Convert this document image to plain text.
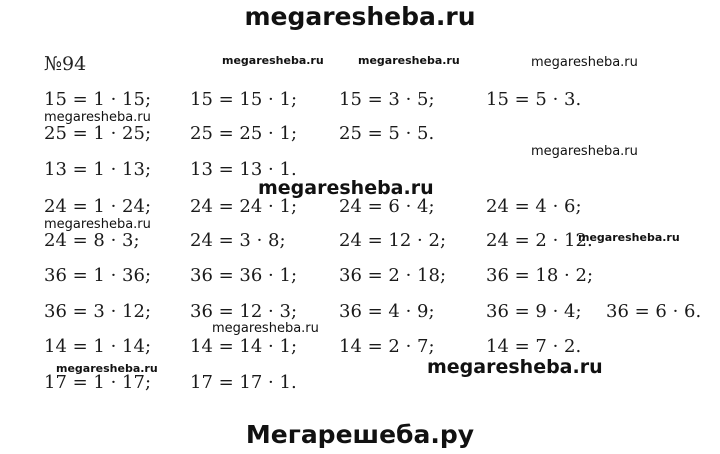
megaresheba.ru
№94
15 = 1 · 15; 15 = 15 · 1; 15 = 3 · 5;	15 = 5 · 3.
25 = 1 · 25; 25 = 25 · 1; 25 = 5 · 5.
13 = 1 · 13; 13 = 13 · 1.
24 = 1 · 24; 24 = 24 · 1; 24 = 6 · 4;	24 = 4 · 6;
24 = 8 · 3;	24 = 3 · 8;	24 = 12 · 2; 24 = 2 · 12.
36 = 1 · 36; 36 = 36 · 1; 36 = 2 · 18; 36 = 18 · 2;
36 = 3 · 12; 36 = 12 · 3; 36 = 4 · 9;	36 = 9 · 4; 36 = 6 · 6.
14 = 1 · 14; 14 = 14 · 1; 14 = 2 · 7;	14 = 7 · 2.
17 = 1 · 17; 17 = 17 · 1.
megaresheba.ru	megaresheba.ru	megaresheba.ru
megaresheba.ru
megaresheba.ru
megaresheba.ru
megaresheba.ru
megaresheba.ru
megaresheba.ru
megaresheba.ru
megaresheba.ru
Мегарешеба.ру
